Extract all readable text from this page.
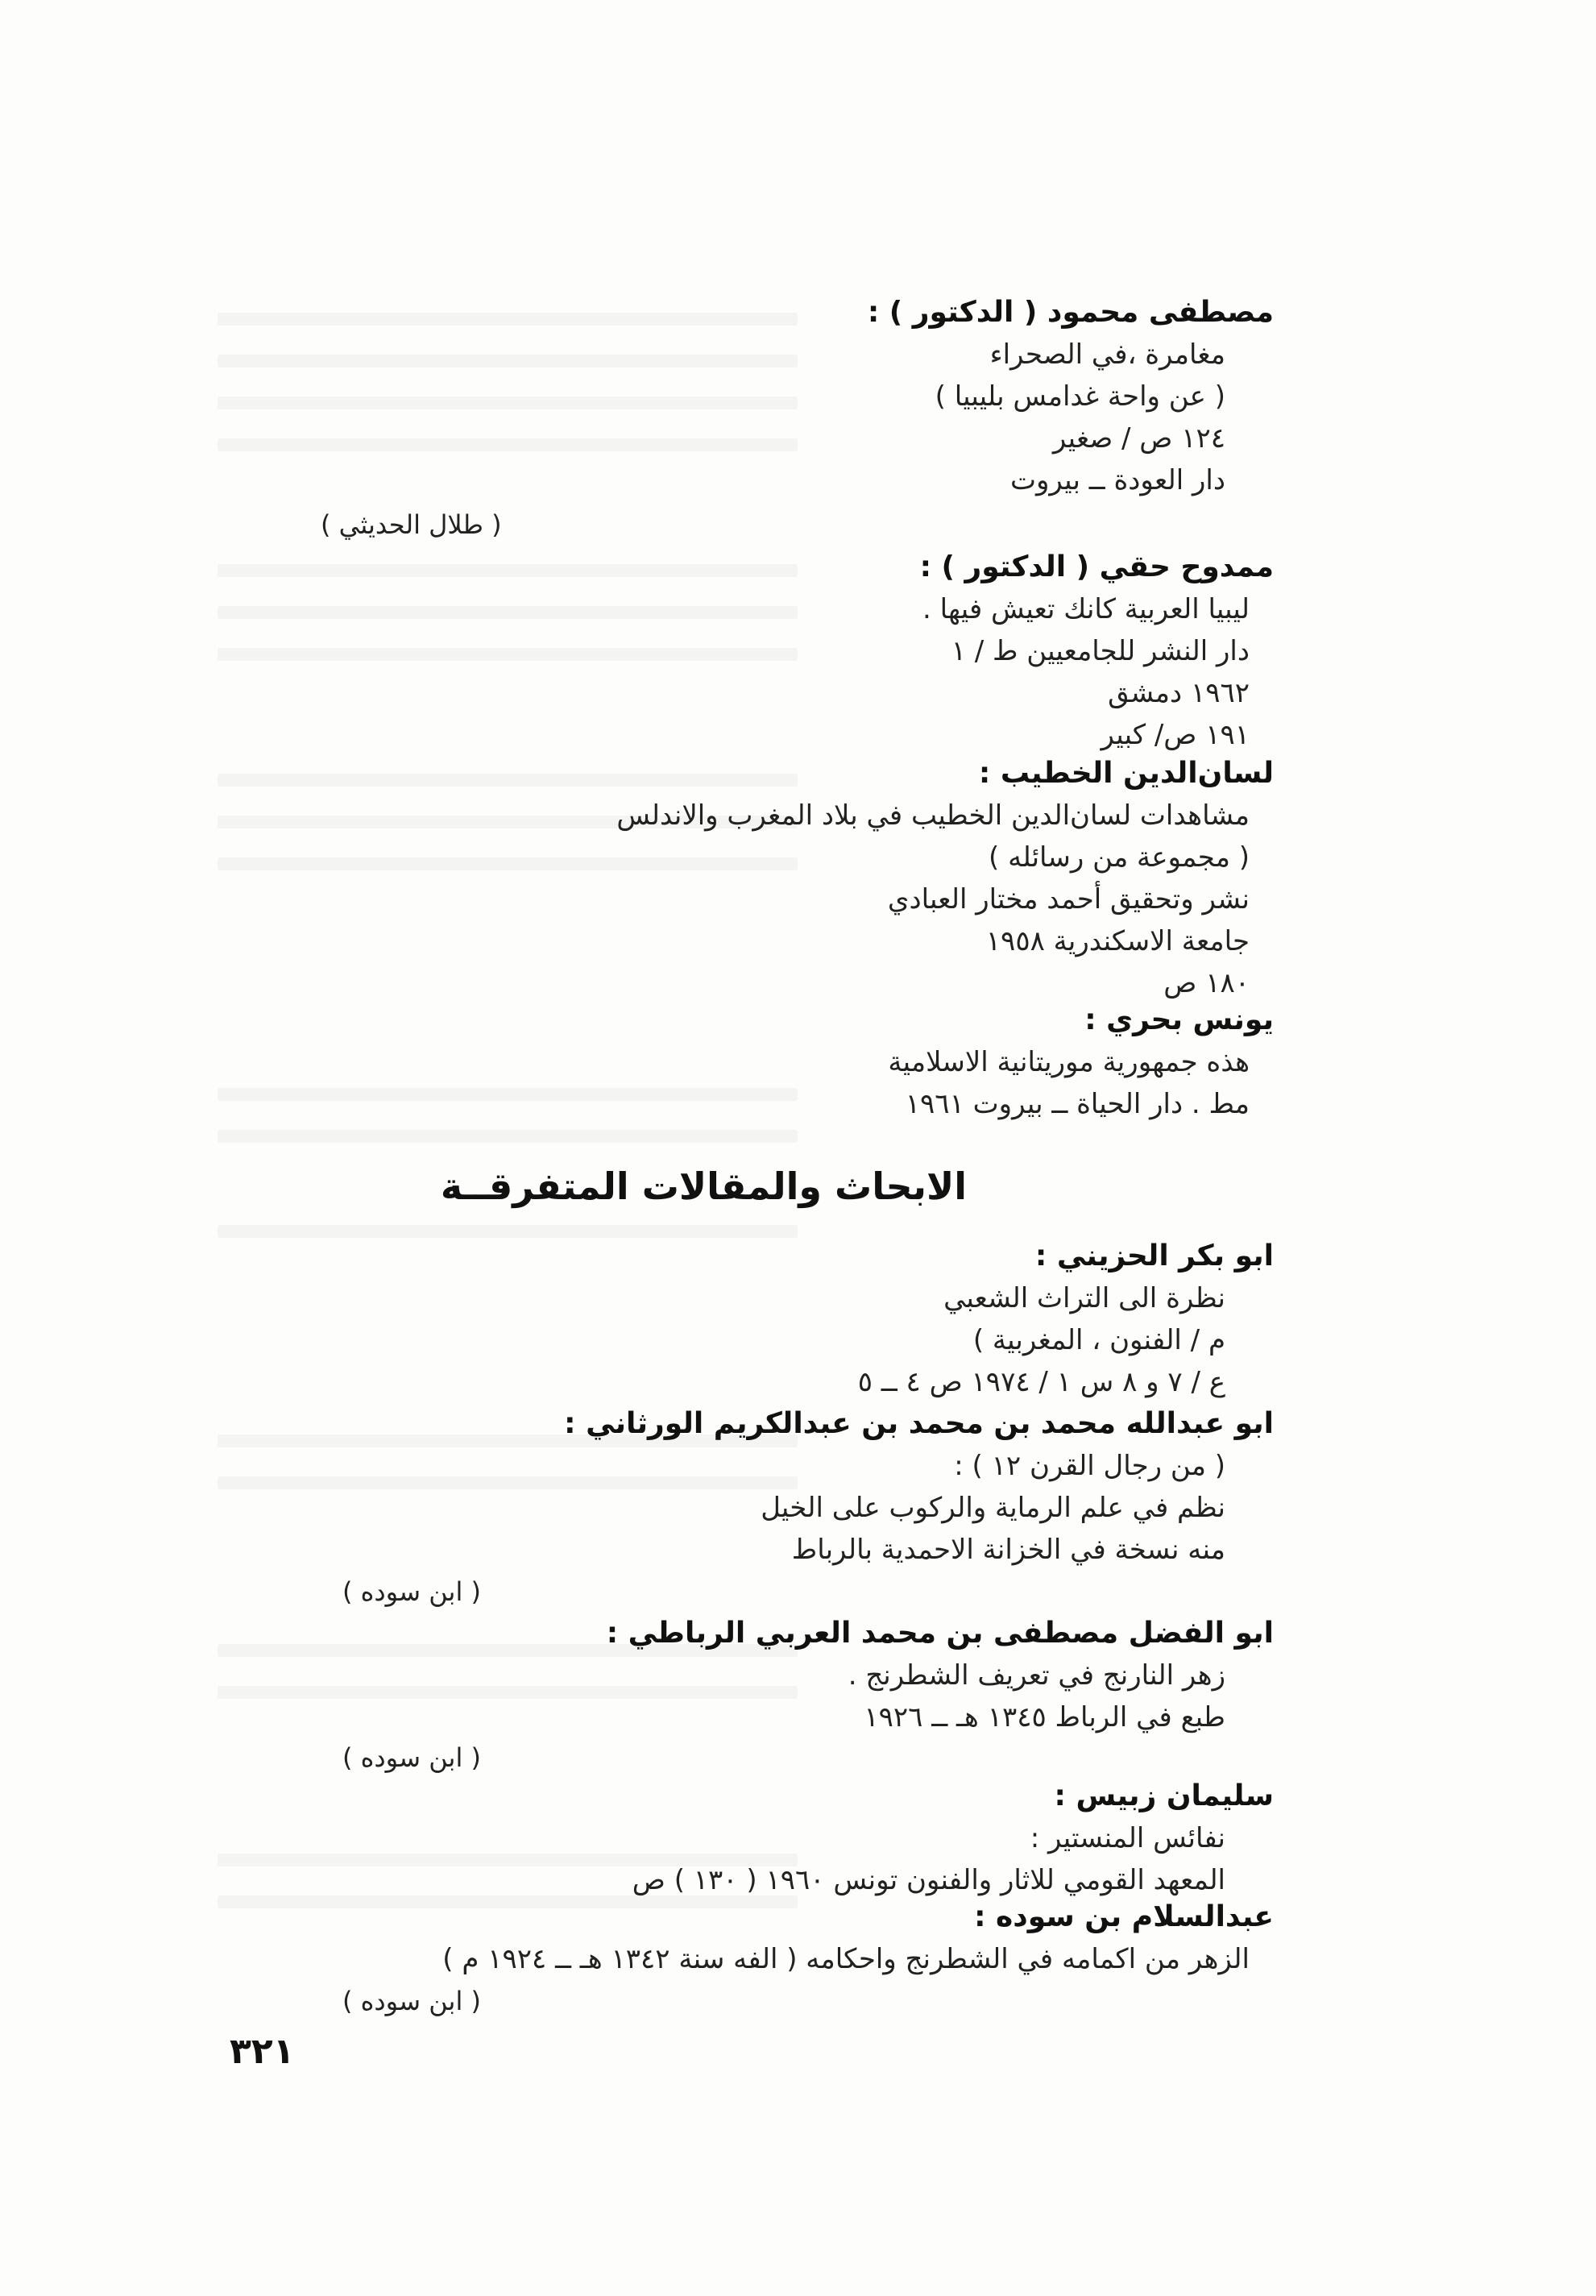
مصطفى محمود ( الدكتور ) :
مغامرة ،في الصحراء
( عن واحة غدامس بليبيا )
١٢٤ ص / صغير
دار العودة ــ بيروت
( طلال الحديثي )
ممدوح حقي ( الدكتور ) :
ليبيا العربية كانك تعيش فيها .
دار النشر للجامعيين ط / ١
١٩٦٢ دمشق
١٩١ ص/ كبير
لسان‌الدين الخطيب :
مشاهدات لسان‌الدين الخطيب في بلاد المغرب والاندلس
( مجموعة من رسائله )
نشر وتحقيق أحمد مختار العبادي
جامعة الاسكندرية ١٩٥٨
١٨٠ ص
يونس بحري :
هذه جمهورية موريتانية الاسلامية
مط . دار الحياة ــ بيروت ١٩٦١
الابحاث والمقالات المتفرقــة
ابو بكر الحزيني :
نظرة الى التراث الشعبي
م / الفنون ، المغربية )
ع / ٧ و ٨ س ١ / ١٩٧٤ ص ٤ ــ ٥
ابو عبدالله محمد بن محمد بن عبدالكريم الورثاني :
( من رجال القرن ١٢ ) :
نظم في علم الرماية والركوب على الخيل
منه نسخة في الخزانة الاحمدية بالرباط
( ابن سوده )
ابو الفضل مصطفى بن محمد العربي الرباطي :
زهر النارنج في تعريف الشطرنج .
طبع في الرباط ١٣٤٥ هـ ــ ١٩٢٦
( ابن سوده )
سليمان زبيس :
نفائس المنستير :
المعهد القومي للاثار والفنون تونس ١٩٦٠ ( ١٣٠ ) ص
عبدالسلام بن سوده :
الزهر من اكمامه في الشطرنج واحكامه ( الفه سنة ١٣٤٢ هـ ــ ١٩٢٤ م )
( ابن سوده )
٣٢١
